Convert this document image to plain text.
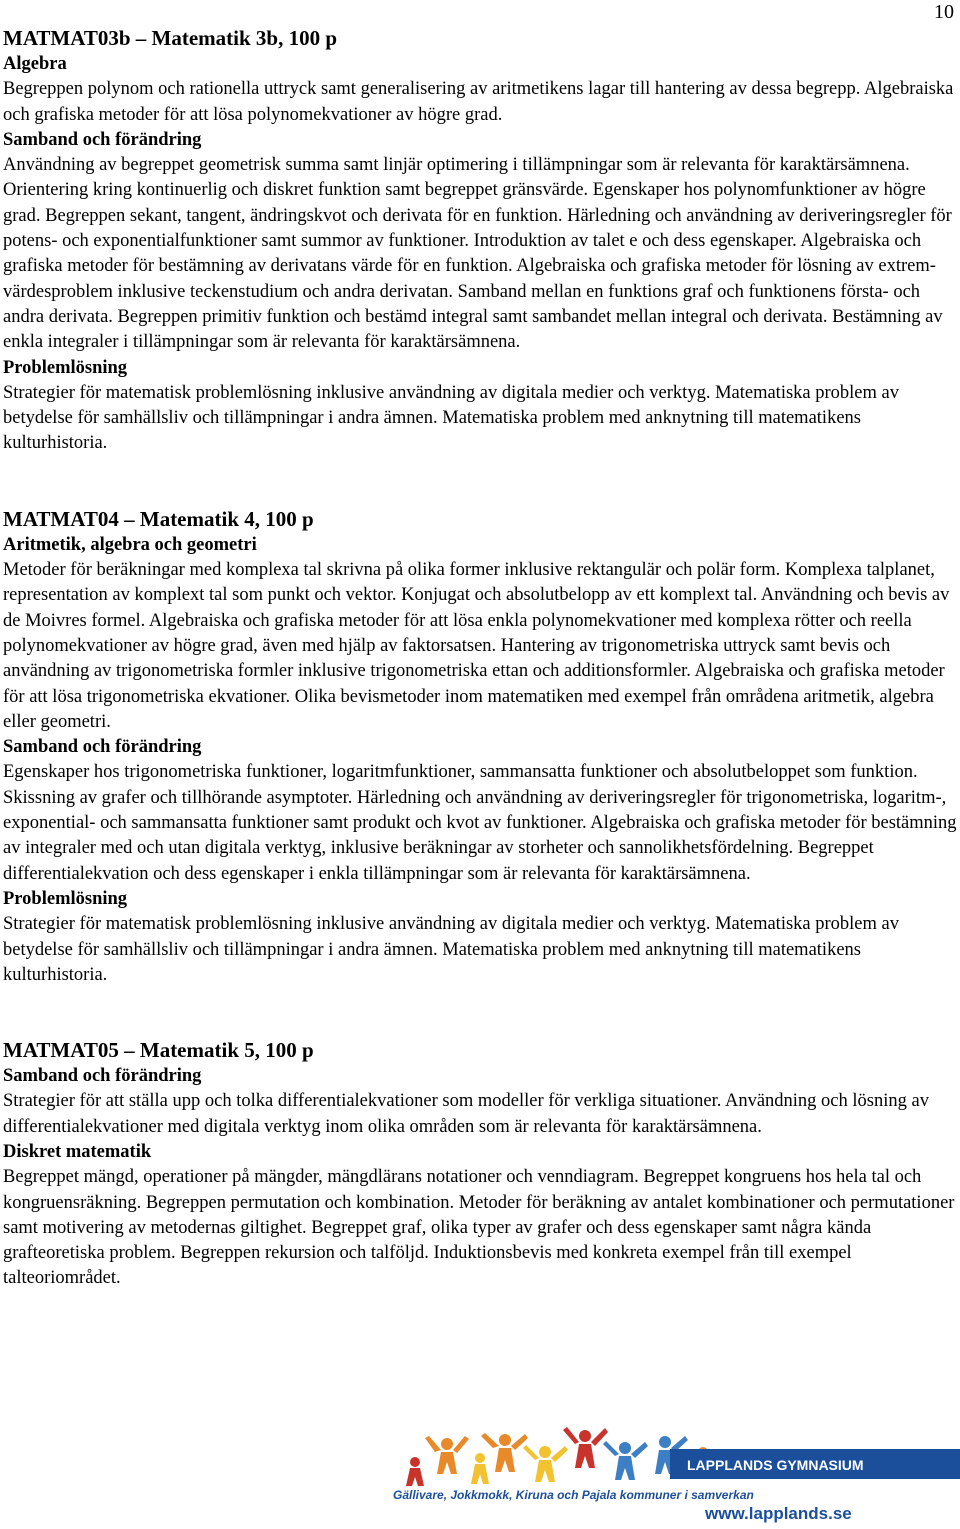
10
MATMAT03b – Matematik 3b, 100 p
Algebra

Begreppen polynom och rationella uttryck samt generalisering av aritmetikens lagar till hantering av dessa begrepp. Algebraiska och grafiska metoder för att lösa polynomekvationer av högre grad.

Samband och förändring

Användning av begreppet geometrisk summa samt linjär optimering i tillämpningar som är relevanta för karaktärsämnena. Orientering kring kontinuerlig och diskret funktion samt begreppet gränsvärde. Egenskaper hos polynomfunktioner av högre grad. Begreppen sekant, tangent, ändringskvot och derivata för en funktion. Härledning och användning av deriveringsregler för potens- och exponentialfunktioner samt summor av funktioner. Introduktion av talet e och dess egenskaper. Algebraiska och grafiska metoder för bestämning av derivatans värde för en funktion. Algebraiska och grafiska metoder för lösning av extremvärdesproblem inklusive teckenstudium och andra derivatan. Samband mellan en funktions graf och funktionens första- och andra derivata. Begreppen primitiv funktion och bestämd integral samt sambandet mellan integral och derivata. Bestämning av enkla integraler i tillämpningar som är relevanta för karaktärsämnena.

Problemlösning

Strategier för matematisk problemlösning inklusive användning av digitala medier och verktyg. Matematiska problem av betydelse för samhällsliv och tillämpningar i andra ämnen. Matematiska problem med anknytning till matematikens kulturhistoria.

MATMAT04 – Matematik 4, 100 p
Aritmetik, algebra och geometri

Metoder för beräkningar med komplexa tal skrivna på olika former inklusive rektangulär och polär form. Komplexa talplanet, representation av komplext tal som punkt och vektor. Konjugat och absolutbelopp av ett komplext tal. Användning och bevis av de Moivres formel. Algebraiska och grafiska metoder för att lösa enkla polynomekvationer med komplexa rötter och reella polynomekvationer av högre grad, även med hjälp av faktorsatsen. Hantering av trigonometriska uttryck samt bevis och användning av trigonometriska formler inklusive trigonometriska ettan och additionsformler. Algebraiska och grafiska metoder för att lösa trigonometriska ekvationer. Olika bevismetoder inom matematiken med exempel från områdena aritmetik, algebra eller geometri.

Samband och förändring

Egenskaper hos trigonometriska funktioner, logaritmfunktioner, sammansatta funktioner och absolutbeloppet som funktion. Skissning av grafer och tillhörande asymptoter. Härledning och användning av deriveringsregler för trigonometriska, logaritm-, exponential- och sammansatta funktioner samt produkt och kvot av funktioner. Algebraiska och grafiska metoder för bestämning av integraler med och utan digitala verktyg, inklusive beräkningar av storheter och sannolikhetsfördelning. Begreppet differentialekvation och dess egenskaper i enkla tillämpningar som är relevanta för karaktärsämnena.

Problemlösning

Strategier för matematisk problemlösning inklusive användning av digitala medier och verktyg. Matematiska problem av betydelse för samhällsliv och tillämpningar i andra ämnen. Matematiska problem med anknytning till matematikens kulturhistoria.

MATMAT05 – Matematik 5, 100 p
Samband och förändring

Strategier för att ställa upp och tolka differentialekvationer som modeller för verkliga situationer. Användning och lösning av differentialekvationer med digitala verktyg inom olika områden som är relevanta för karaktärsämnena.

Diskret matematik

Begreppet mängd, operationer på mängder, mängdlärans notationer och venndiagram. Begreppet kongruens hos hela tal och kongruensräkning. Begreppen permutation och kombination. Metoder för beräkning av antalet kombinationer och permutationer samt motivering av metodernas giltighet. Begreppet graf, olika typer av grafer och dess egenskaper samt några kända grafteoretiska problem. Begreppen rekursion och talföljd. Induktionsbevis med konkreta exempel från till exempel talteoriområdet.

LAPPLANDS GYMNASIUM
Gällivare, Jokkmokk, Kiruna och Pajala kommuner i samverkan
www.lapplands.se
